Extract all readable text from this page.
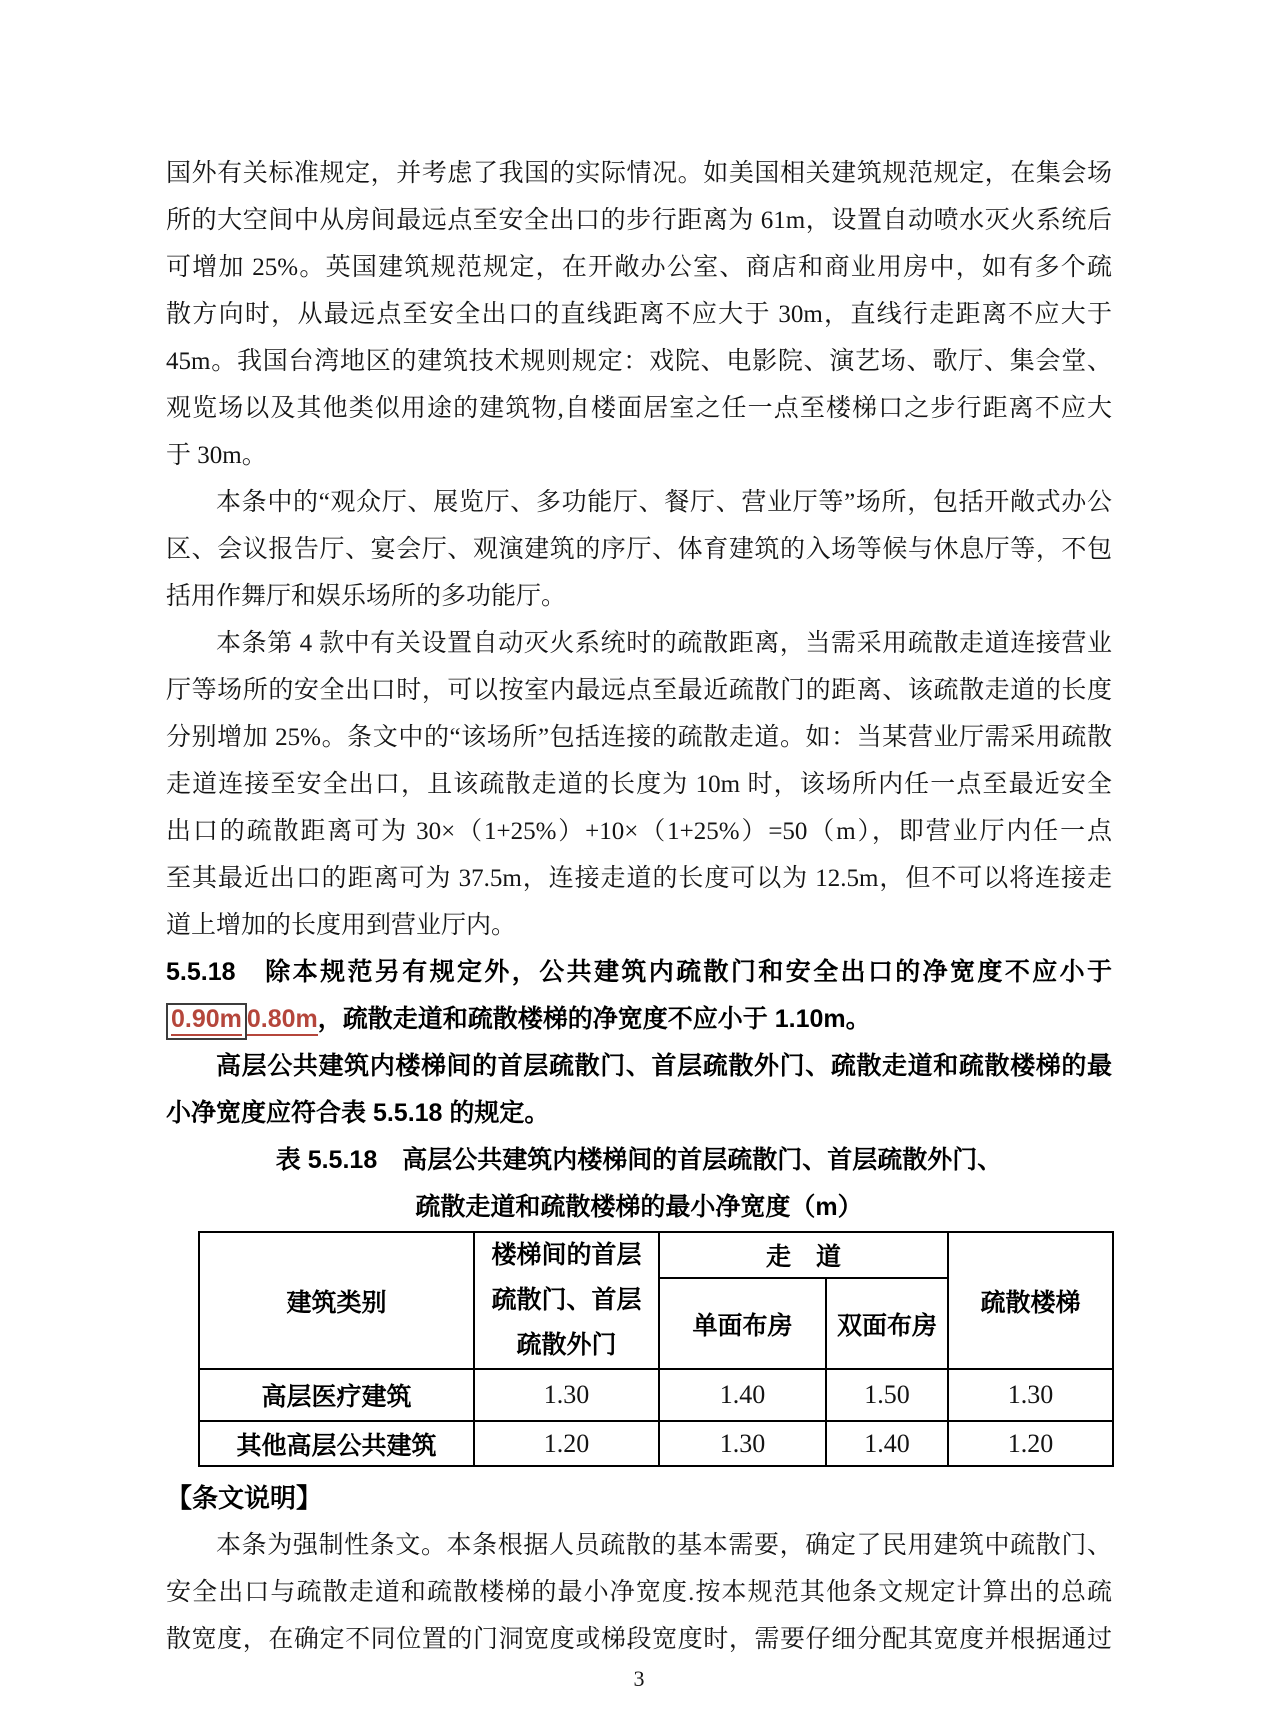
国外有关标准规定，并考虑了我国的实际情况。如美国相关建筑规范规定，在集会场
所的大空间中从房间最远点至安全出口的步行距离为 61m，设置自动喷水灭火系统后
可增加 25%。英国建筑规范规定，在开敞办公室、商店和商业用房中，如有多个疏
散方向时，从最远点至安全出口的直线距离不应大于 30m，直线行走距离不应大于
45m。我国台湾地区的建筑技术规则规定：戏院、电影院、演艺场、歌厅、集会堂、
观览场以及其他类似用途的建筑物,自楼面居室之任一点至楼梯口之步行距离不应大
于 30m。
本条中的“观众厅、展览厅、多功能厅、餐厅、营业厅等”场所，包括开敞式办公
区、会议报告厅、宴会厅、观演建筑的序厅、体育建筑的入场等候与休息厅等，不包
括用作舞厅和娱乐场所的多功能厅。
本条第 4 款中有关设置自动灭火系统时的疏散距离，当需采用疏散走道连接营业
厅等场所的安全出口时，可以按室内最远点至最近疏散门的距离、该疏散走道的长度
分别增加 25%。条文中的“该场所”包括连接的疏散走道。如：当某营业厅需采用疏散
走道连接至安全出口，且该疏散走道的长度为 10m 时，该场所内任一点至最近安全
出口的疏散距离可为 30×（1+25%）+10×（1+25%）=50（m），即营业厅内任一点
至其最近出口的距离可为 37.5m，连接走道的长度可以为 12.5m，但不可以将连接走
道上增加的长度用到营业厅内。
5.5.18　除本规范另有规定外，公共建筑内疏散门和安全出口的净宽度不应小于
0.90m 0.80m，疏散走道和疏散楼梯的净宽度不应小于 1.10m。
高层公共建筑内楼梯间的首层疏散门、首层疏散外门、疏散走道和疏散楼梯的最
小净宽度应符合表 5.5.18 的规定。
表 5.5.18　高层公共建筑内楼梯间的首层疏散门、首层疏散外门、
疏散走道和疏散楼梯的最小净宽度（m）
建筑类别	楼梯间的首层
疏散门、首层
疏散外门	走　道		疏散楼梯
		单面布房	双面布房	
高层医疗建筑	1.30	1.40	1.50	1.30
其他高层公共建筑	1.20	1.30	1.40	1.20
【条文说明】
本条为强制性条文。本条根据人员疏散的基本需要，确定了民用建筑中疏散门、
安全出口与疏散走道和疏散楼梯的最小净宽度.按本规范其他条文规定计算出的总疏
散宽度，在确定不同位置的门洞宽度或梯段宽度时，需要仔细分配其宽度并根据通过
3
